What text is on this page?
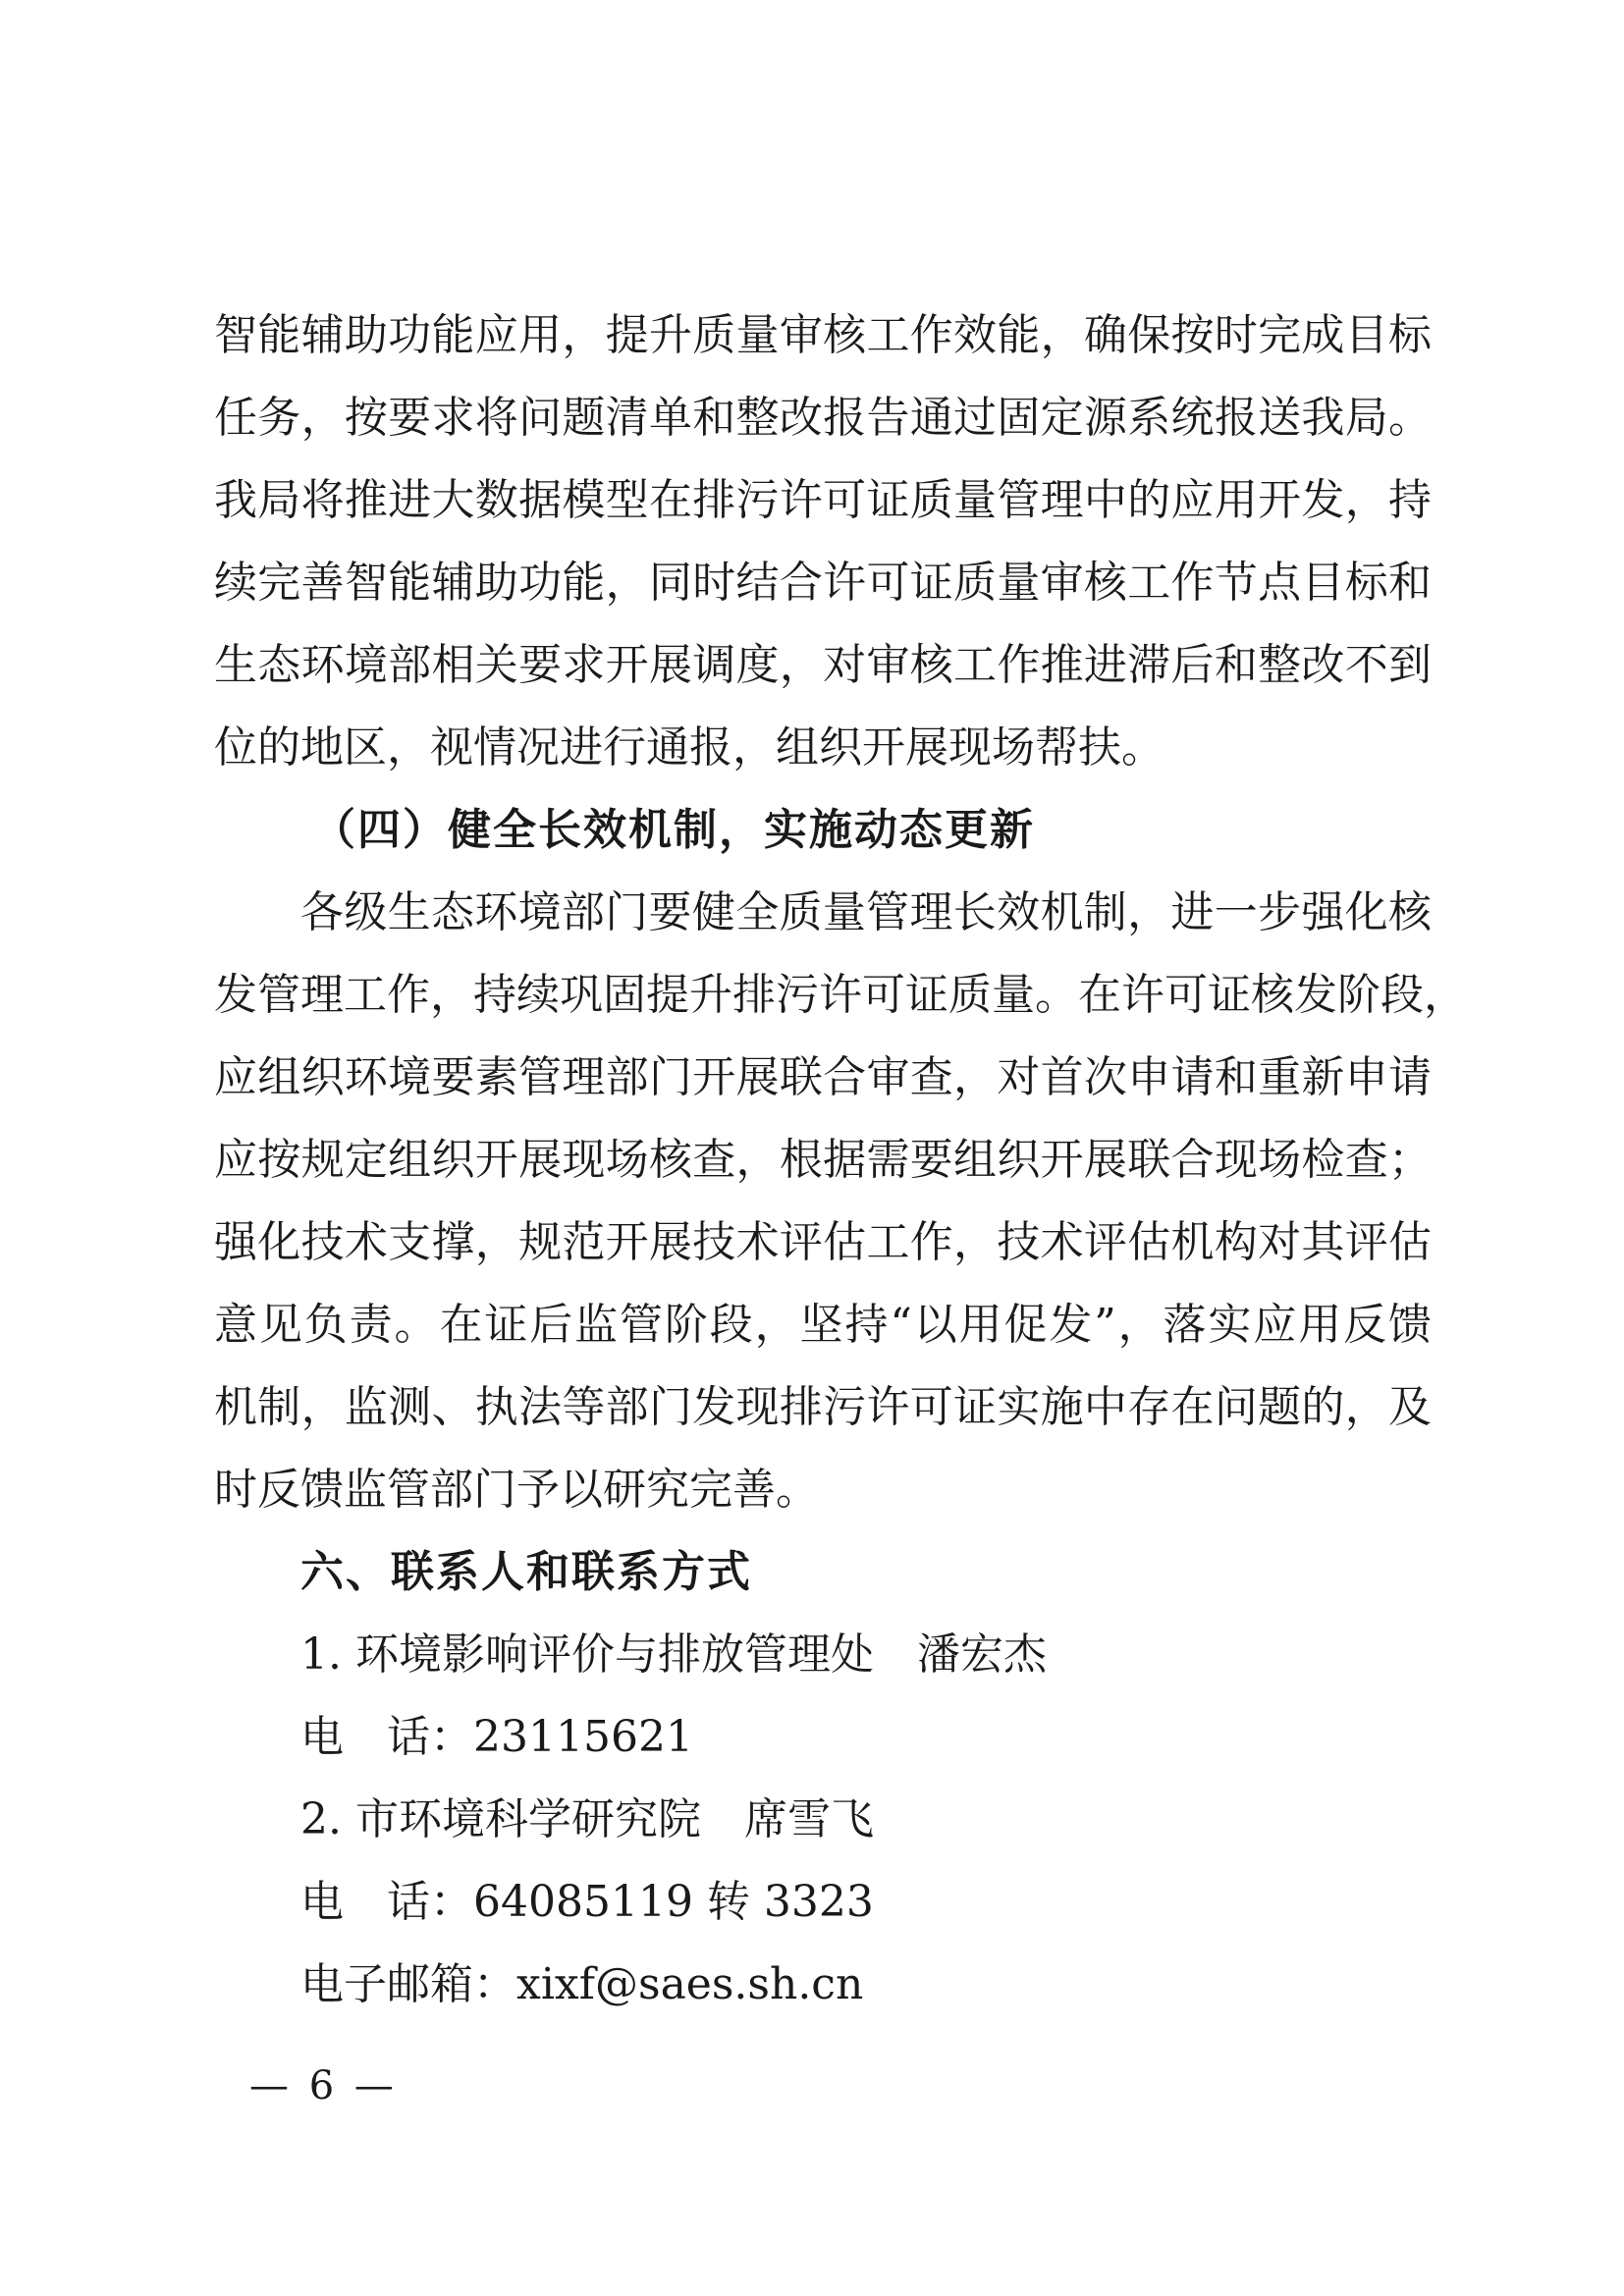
智能辅助功能应用，提升质量审核工作效能，确保按时完成目标
任务，按要求将问题清单和整改报告通过固定源系统报送我局。
我局将推进大数据模型在排污许可证质量管理中的应用开发，持
续完善智能辅助功能，同时结合许可证质量审核工作节点目标和
生态环境部相关要求开展调度，对审核工作推进滞后和整改不到
位的地区，视情况进行通报，组织开展现场帮扶。
（四）健全长效机制，实施动态更新
各级生态环境部门要健全质量管理长效机制，进一步强化核
发管理工作，持续巩固提升排污许可证质量。在许可证核发阶段，
应组织环境要素管理部门开展联合审查，对首次申请和重新申请
应按规定组织开展现场核查，根据需要组织开展联合现场检查；
强化技术支撑，规范开展技术评估工作，技术评估机构对其评估
意见负责。在证后监管阶段，坚持“以用促发”，落实应用反馈
机制，监测、执法等部门发现排污许可证实施中存在问题的，及
时反馈监管部门予以研究完善。
六、联系人和联系方式
1. 环境影响评价与排放管理处　潘宏杰
电　话：23115621
2. 市环境科学研究院　席雪飞
电　话：64085119 转 3323
电子邮箱：xixf@saes.sh.cn
— 6 —
